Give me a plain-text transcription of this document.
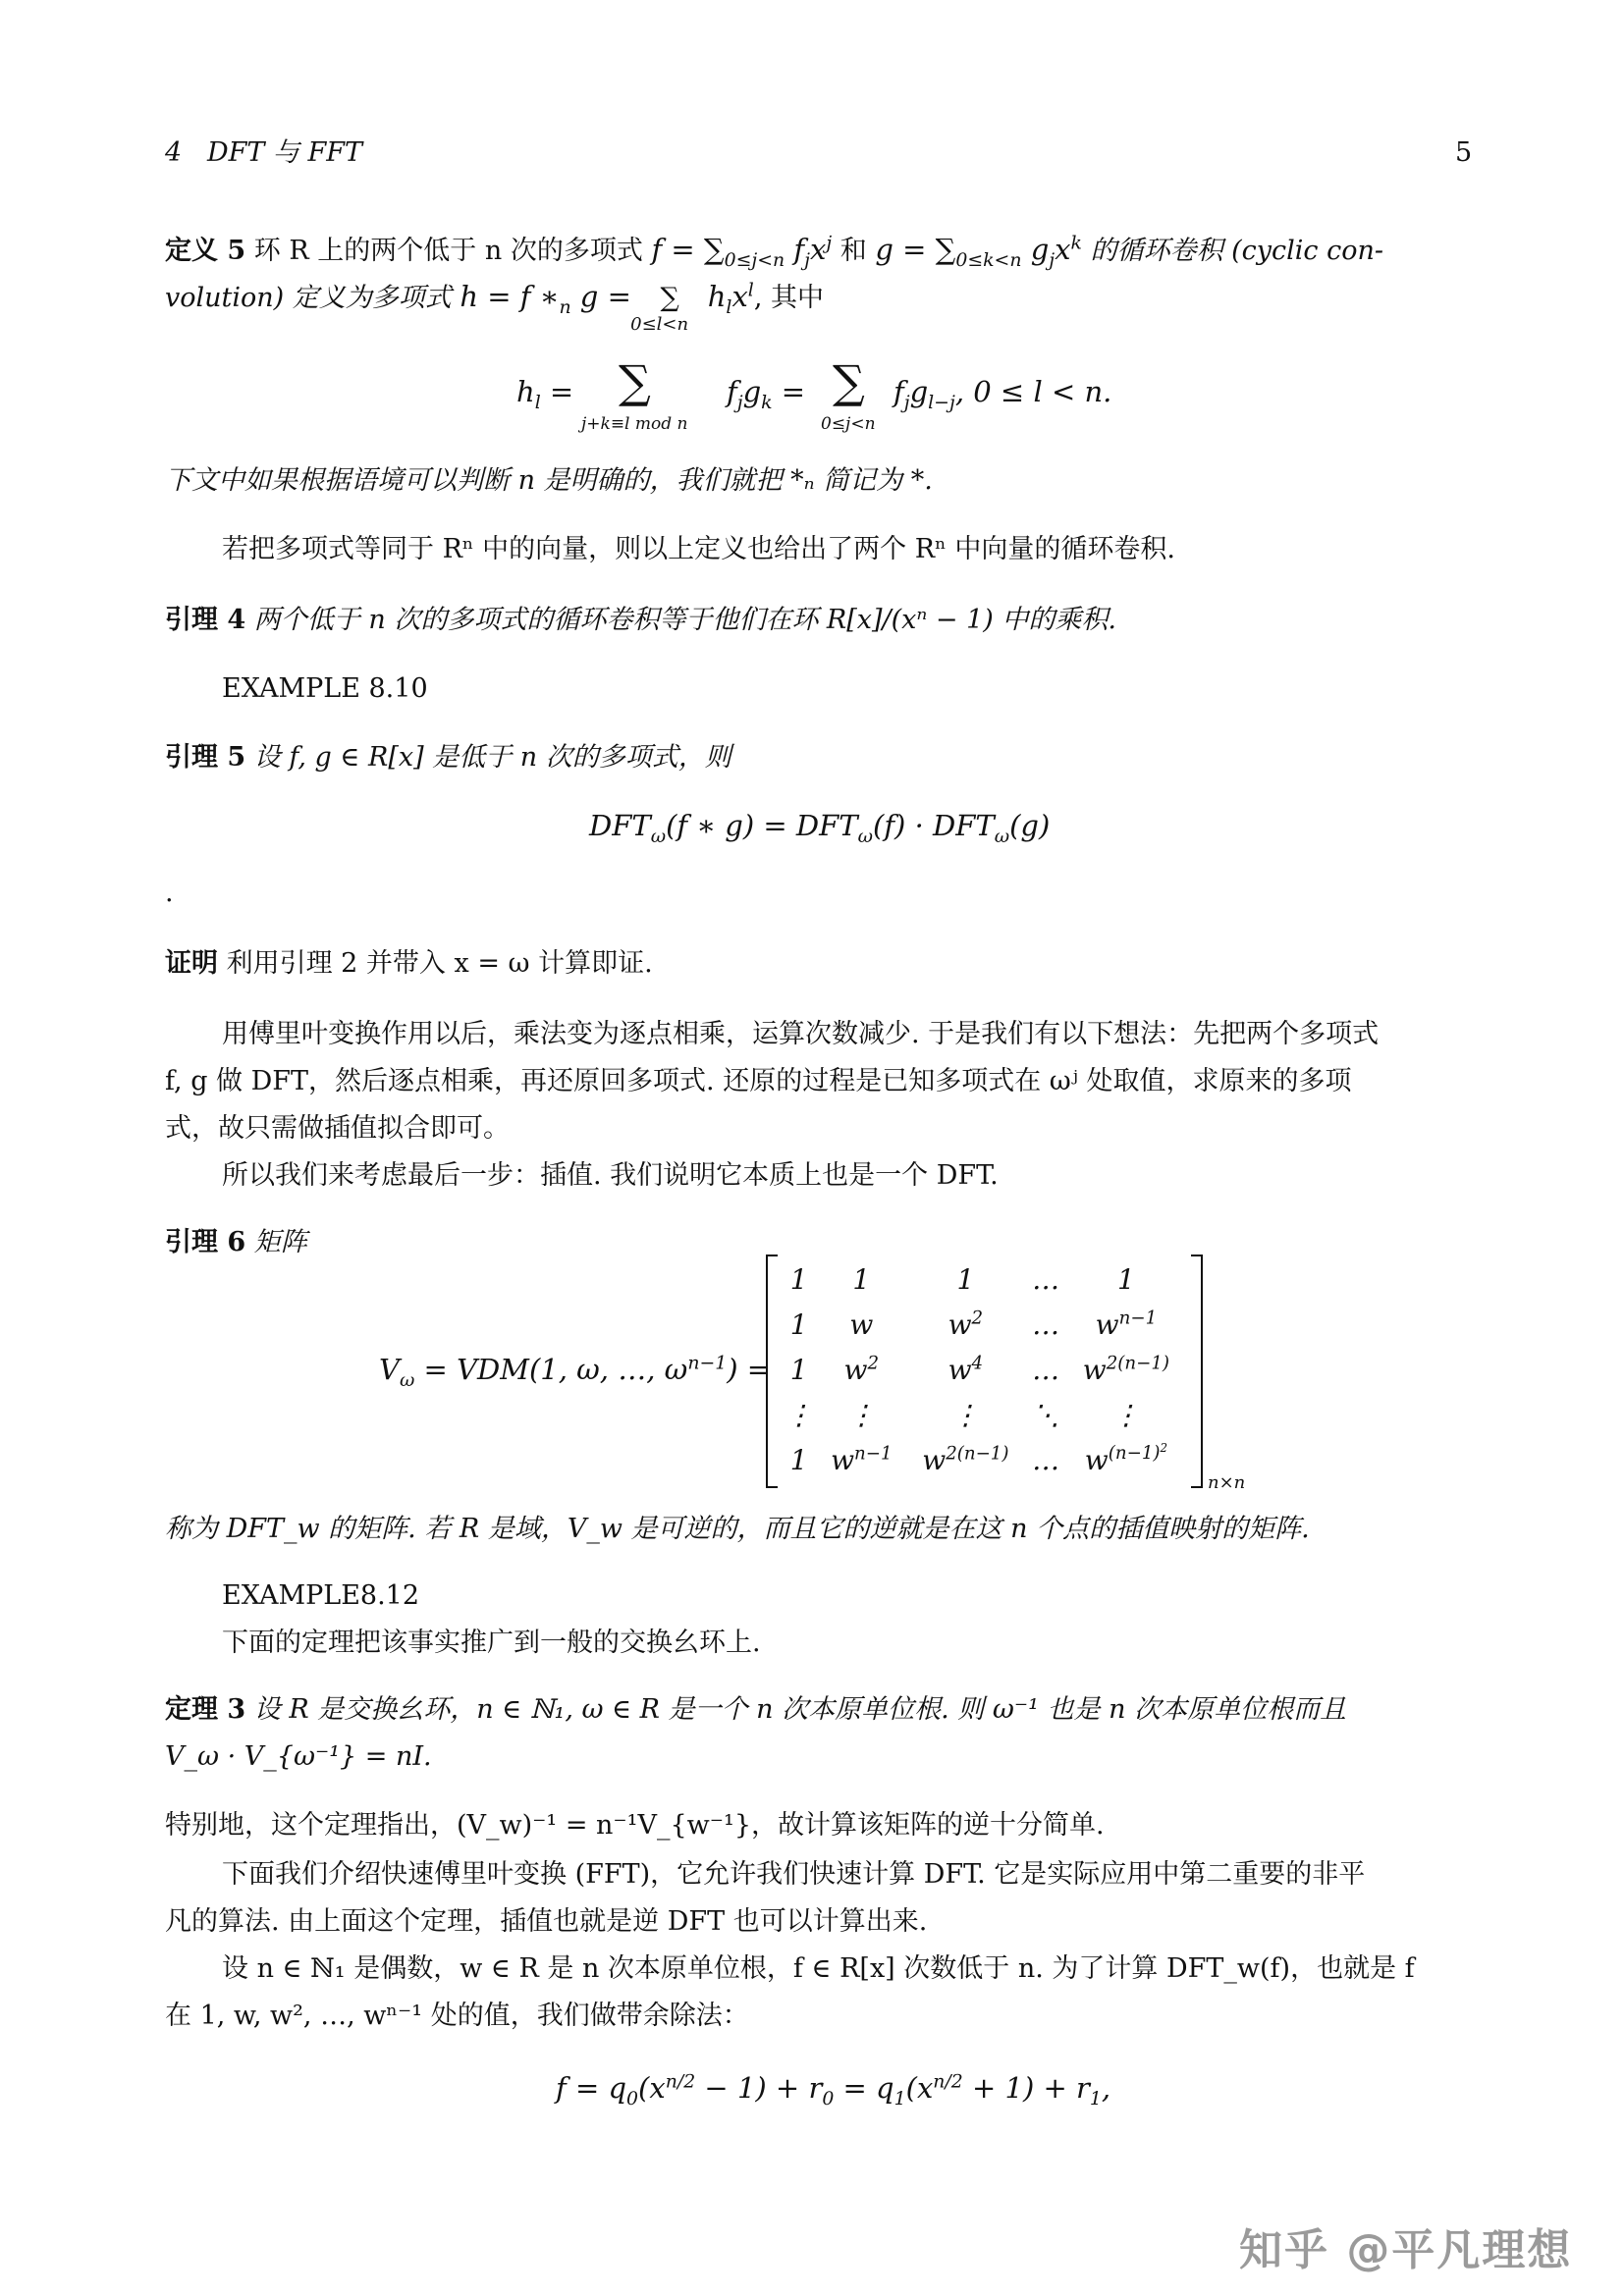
4 DFT 与 FFT	5
定义 5 环 R 上的两个低于 n 次的多项式 $f = \sum_{0\le j<n}$ $f_jx^j$ 和 $g = \sum_{0\le k<n}$ $g_jx^k$ 的循环卷积 (cyclic con-
volution) 定义为多项式 h = f $∗_n$ g = ∑
0≤l<n
$h_lx^l$, 其中
$h_l$ = ∑
j+k≡l mod n
$f_jg_k$ = ∑
0≤j<n
$f_jg_{l-j}$, 0 ≤ l < n.
下文中如果根据语境可以判断 n 是明确的，我们就把 *ₙ 简记为 *.
若把多项式等同于 Rⁿ 中的向量，则以上定义也给出了两个 Rⁿ 中向量的循环卷积.
引理 4 两个低于 n 次的多项式的循环卷积等于他们在环 R[x]/(xⁿ − 1) 中的乘积.
EXAMPLE 8.10
引理 5 设 f, g ∈ R[x] 是低于 n 次的多项式，则
$DFT_\omega(f$ ∗ $g) = DFT_\omega(f) \cdot DFT_\omega(g)$
.
证明 利用引理 2 并带入 x = ω 计算即证.
用傅里叶变换作用以后，乘法变为逐点相乘，运算次数减少. 于是我们有以下想法：先把两个多项式
f, g 做 DFT，然后逐点相乘，再还原回多项式. 还原的过程是已知多项式在 ωʲ 处取值，求原来的多项
式，故只需做插值拟合即可。
所以我们来考虑最后一步：插值. 我们说明它本质上也是一个 DFT.
引理 6 矩阵
$V_\omega = VDM(1$, ω, …, $\omega^{n-1}$) =
1	1	1	…	1
1	w	$w^2$	…	$w^{n-1}$
1	$w^2$	$w^4$	…	$w^{2(n-1)}$
⋮	⋮	⋮	⋱	⋮
1	$w^{n-1}$	$w^{2(n-1)}$	…	$w^{(n-1)^2}$
n×n
称为 DFT_w 的矩阵. 若 R 是域，V_w 是可逆的，而且它的逆就是在这 n 个点的插值映射的矩阵.
EXAMPLE8.12
下面的定理把该事实推广到一般的交换幺环上.
定理 3 设 R 是交换幺环，n ∈ ℕ₁, ω ∈ R 是一个 n 次本原单位根. 则 ω⁻¹ 也是 n 次本原单位根而且
V_ω · V_{ω⁻¹} = nI.
特别地，这个定理指出，(V_w)⁻¹ = n⁻¹V_{w⁻¹}，故计算该矩阵的逆十分简单.
下面我们介绍快速傅里叶变换 (FFT)，它允许我们快速计算 DFT. 它是实际应用中第二重要的非平
凡的算法. 由上面这个定理，插值也就是逆 DFT 也可以计算出来.
设 n ∈ ℕ₁ 是偶数，w ∈ R 是 n 次本原单位根，f ∈ R[x] 次数低于 n. 为了计算 DFT_w(f)，也就是 f
在 1, w, w², …, wⁿ⁻¹ 处的值，我们做带余除法：
$f = q_0(x^{n/2} - 1) + r_0 = q_1(x^{n/2} + 1) + r_1$,
知乎 @平凡理想
